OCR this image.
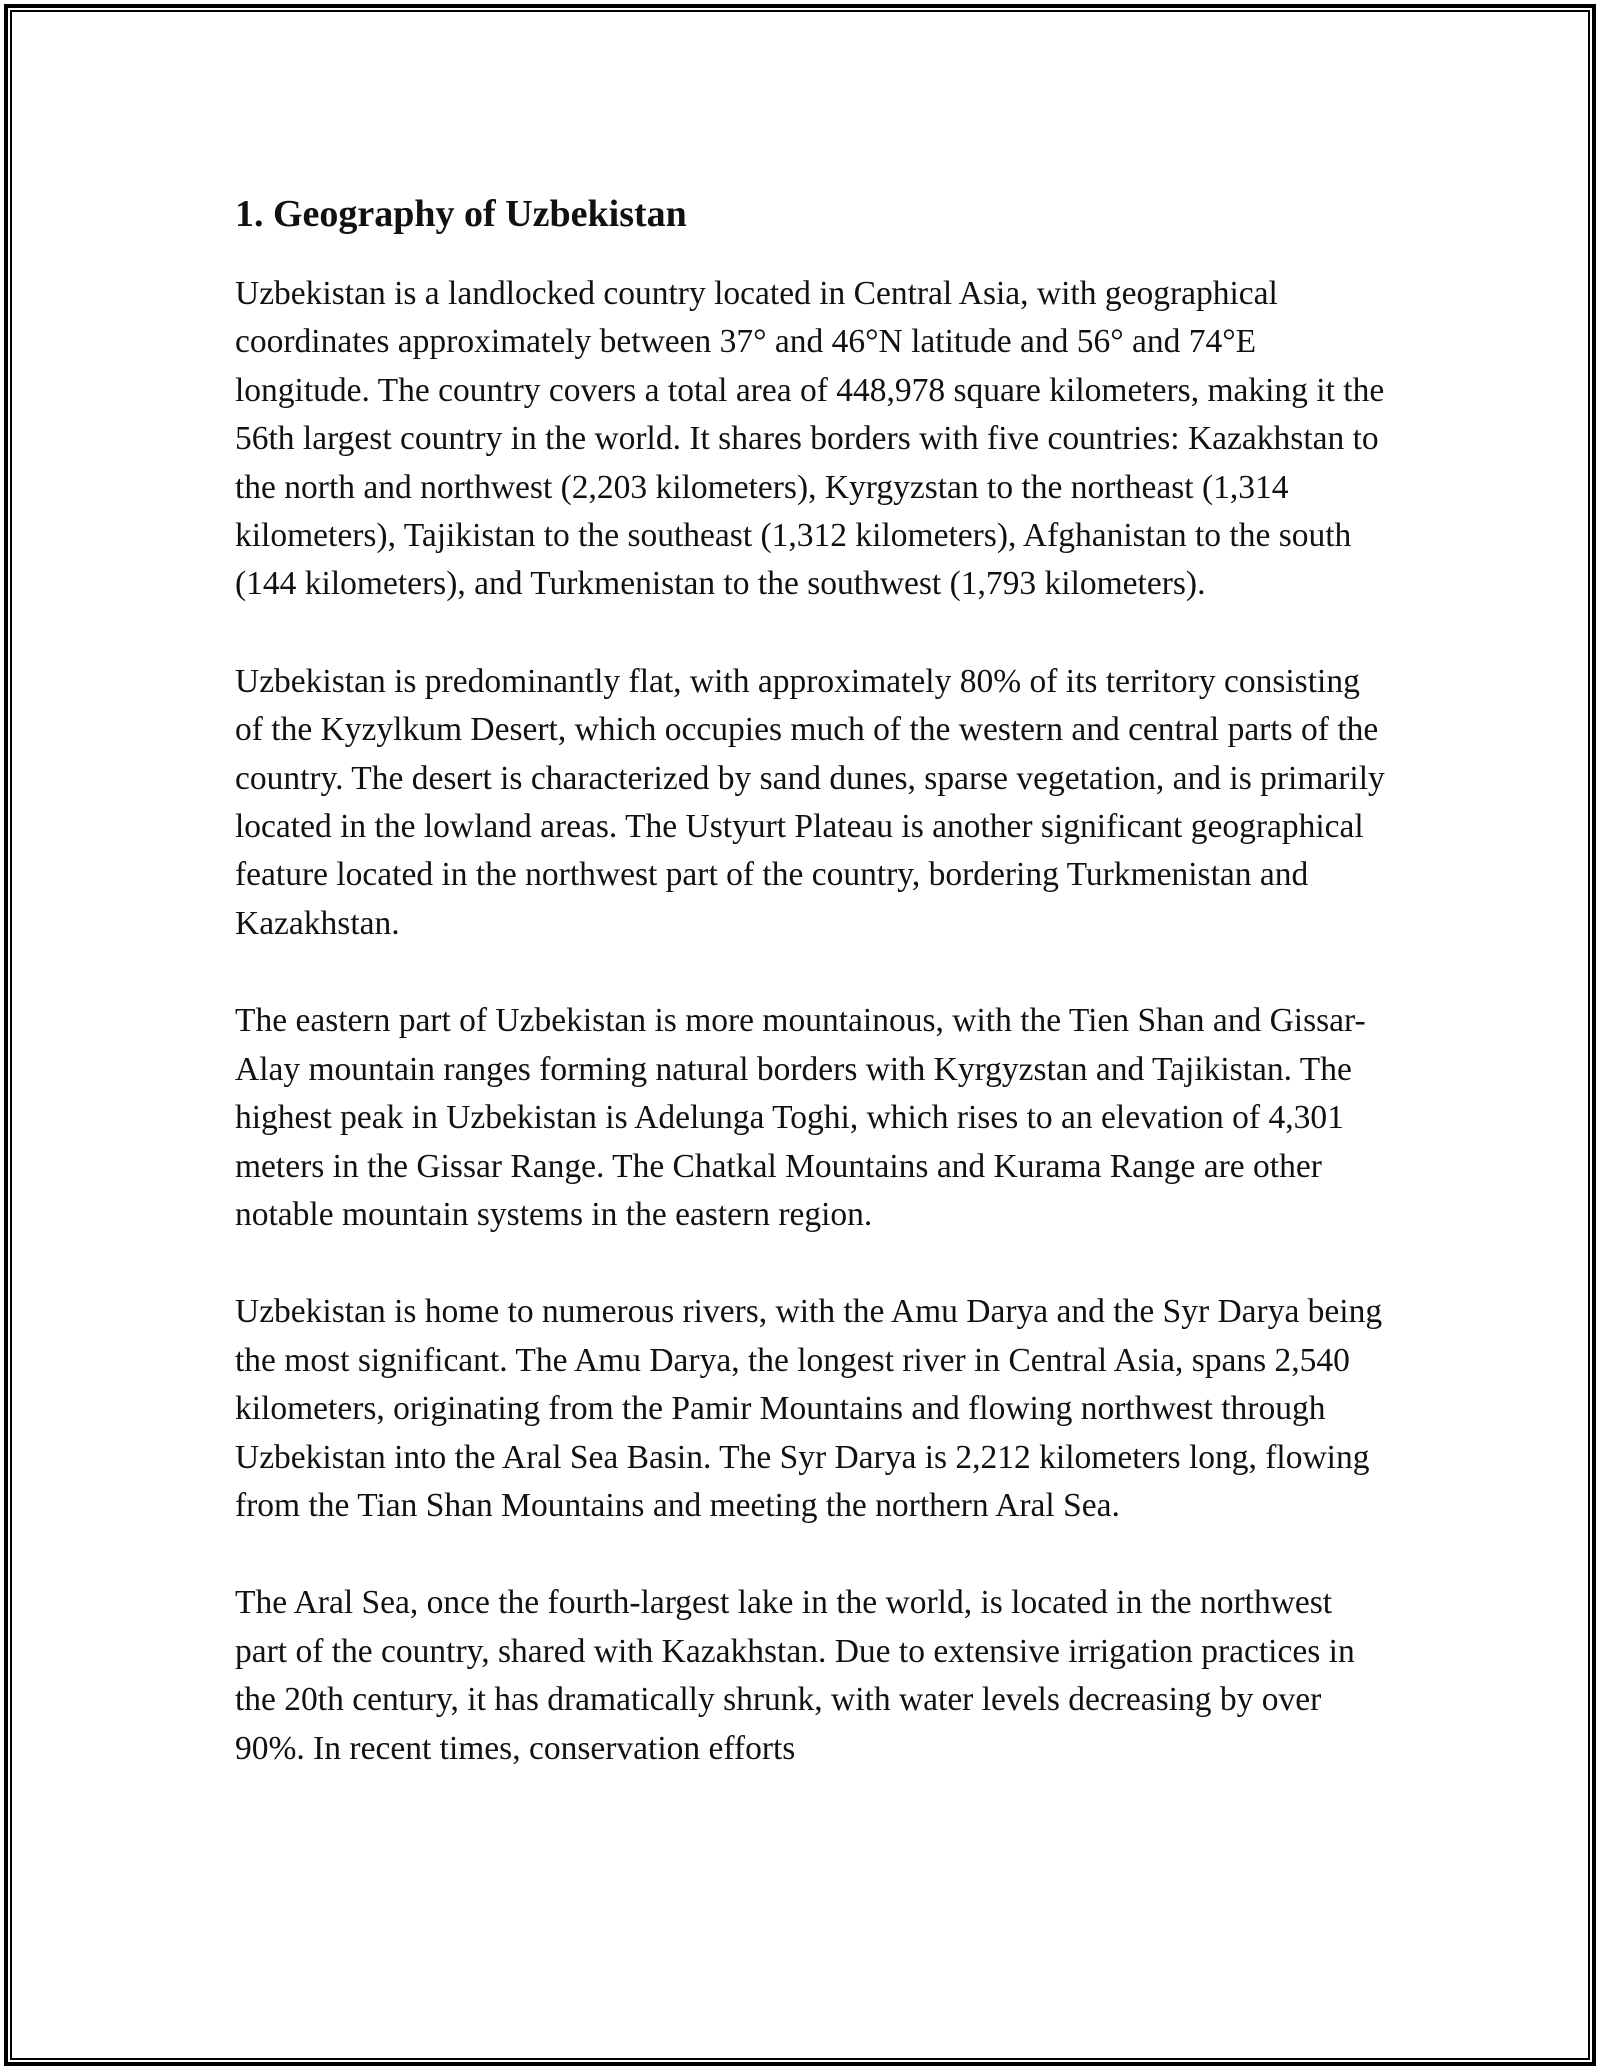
1. Geography of Uzbekistan

Uzbekistan is a landlocked country located in Central Asia, with geographical coordinates approximately between 37° and 46°N latitude and 56° and 74°E longitude. The country covers a total area of 448,978 square kilometers, making it the 56th largest country in the world. It shares borders with five countries: Kazakhstan to the north and northwest (2,203 kilometers), Kyrgyzstan to the northeast (1,314 kilometers), Tajikistan to the southeast (1,312 kilometers), Afghanistan to the south (144 kilometers), and Turkmenistan to the southwest (1,793 kilometers).

Uzbekistan is predominantly flat, with approximately 80% of its territory consisting of the Kyzylkum Desert, which occupies much of the western and central parts of the country. The desert is characterized by sand dunes, sparse vegetation, and is primarily located in the lowland areas. The Ustyurt Plateau is another significant geographical feature located in the northwest part of the country, bordering Turkmenistan and Kazakhstan.

The eastern part of Uzbekistan is more mountainous, with the Tien Shan and Gissar-Alay mountain ranges forming natural borders with Kyrgyzstan and Tajikistan. The highest peak in Uzbekistan is Adelunga Toghi, which rises to an elevation of 4,301 meters in the Gissar Range. The Chatkal Mountains and Kurama Range are other notable mountain systems in the eastern region.

Uzbekistan is home to numerous rivers, with the Amu Darya and the Syr Darya being the most significant. The Amu Darya, the longest river in Central Asia, spans 2,540 kilometers, originating from the Pamir Mountains and flowing northwest through Uzbekistan into the Aral Sea Basin. The Syr Darya is 2,212 kilometers long, flowing from the Tian Shan Mountains and meeting the northern Aral Sea.

The Aral Sea, once the fourth-largest lake in the world, is located in the northwest part of the country, shared with Kazakhstan. Due to extensive irrigation practices in the 20th century, it has dramatically shrunk, with water levels decreasing by over 90%. In recent times, conservation efforts
